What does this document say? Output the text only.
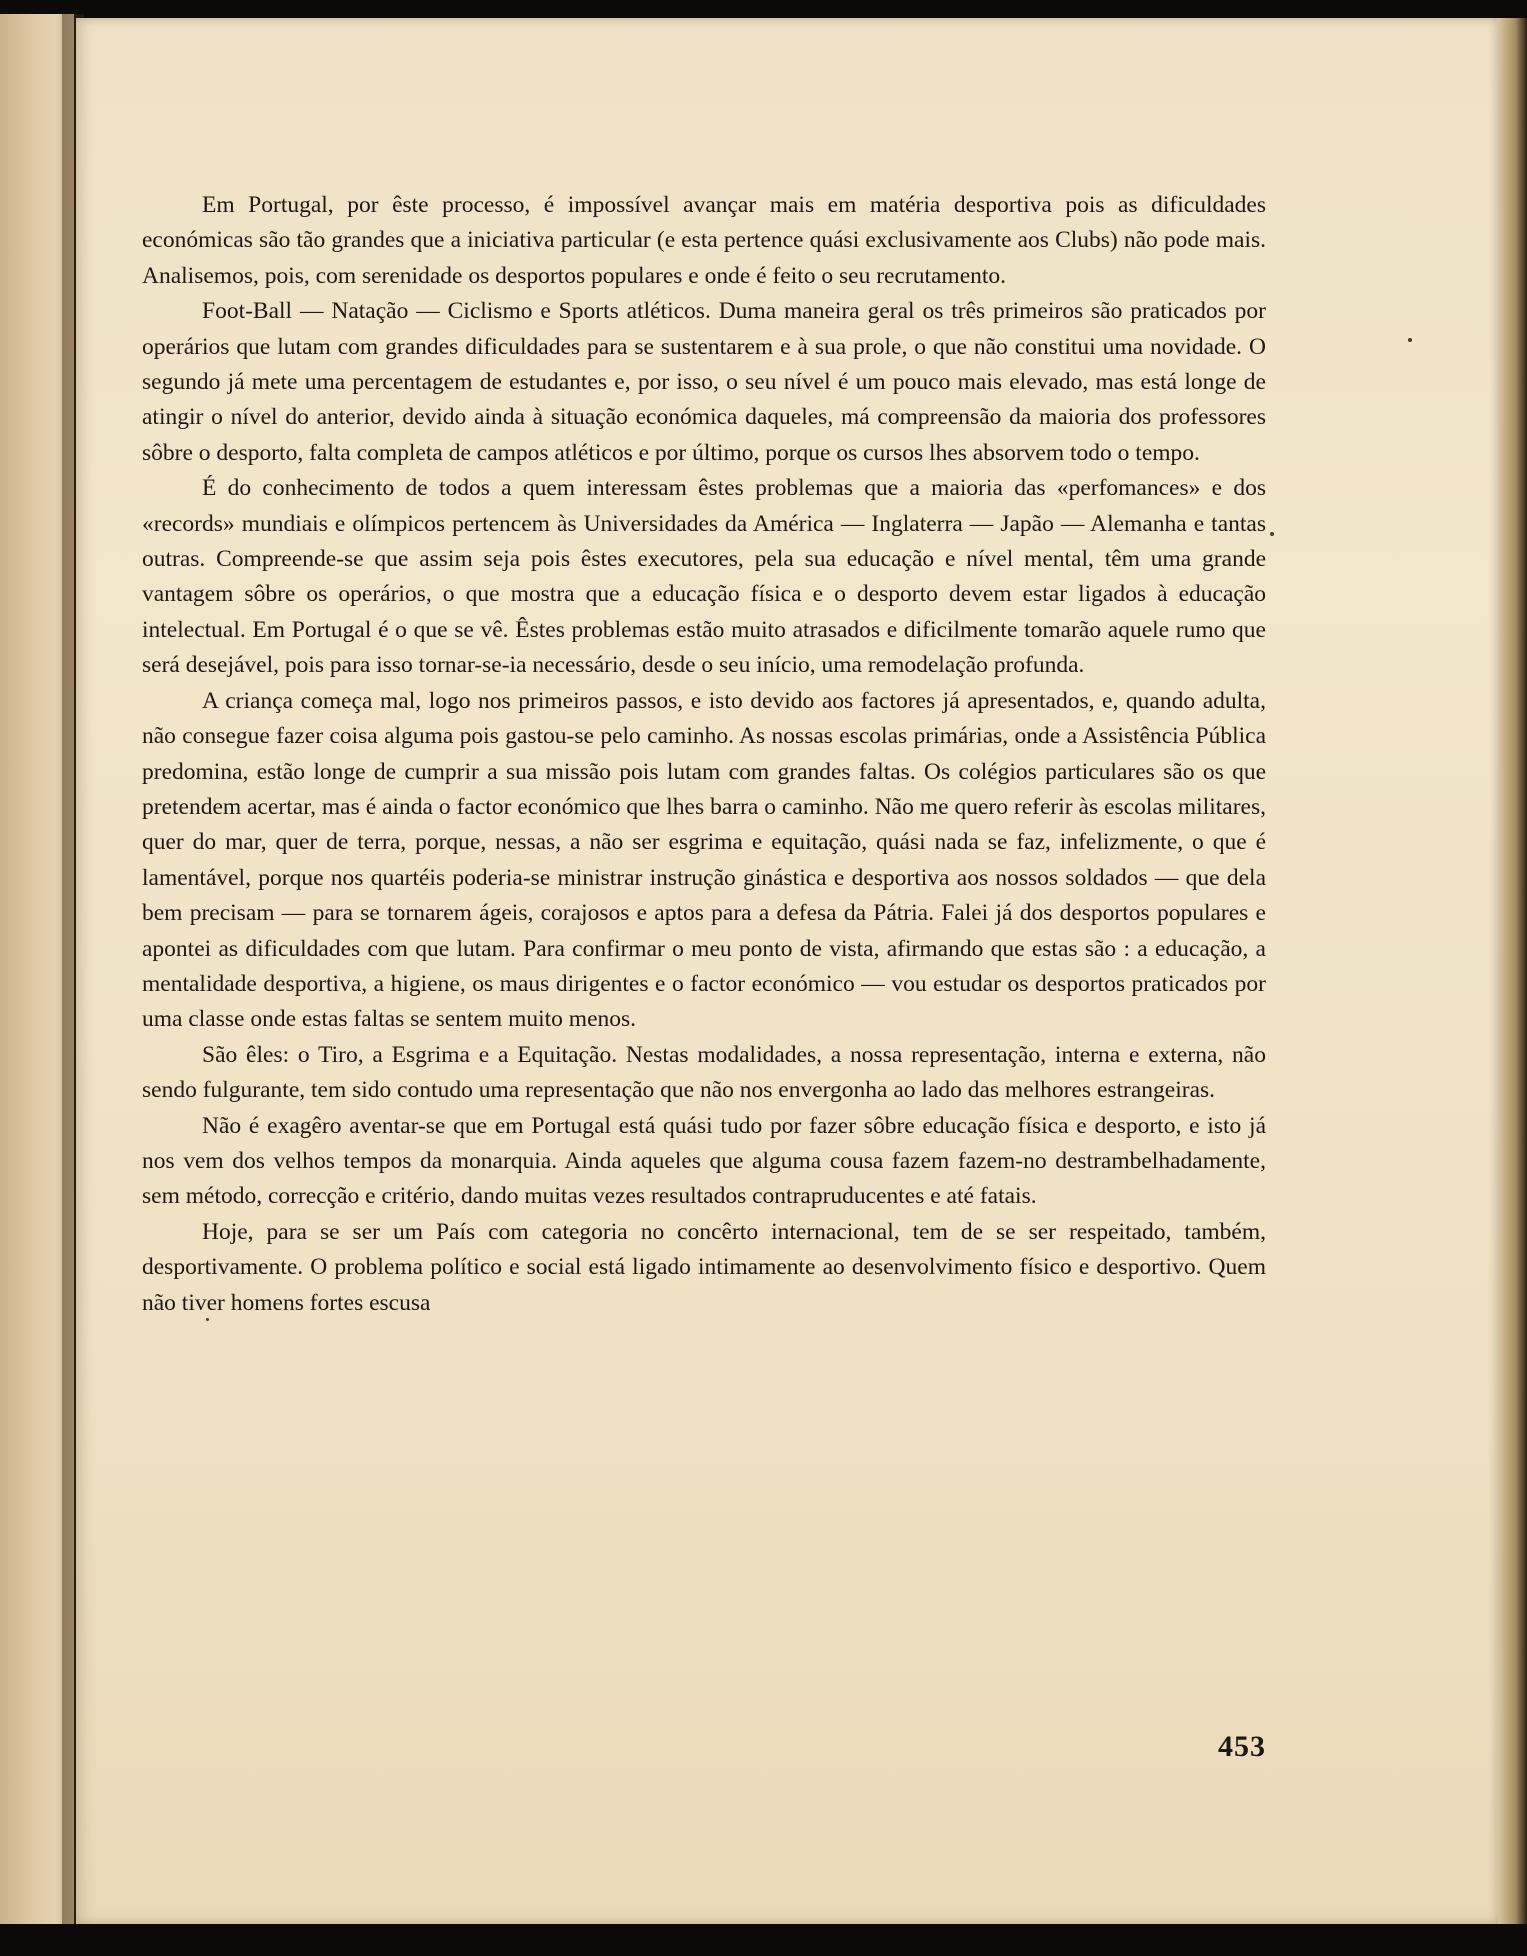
Em Portugal, por êste processo, é impossível avançar mais em matéria desportiva pois as dificuldades económicas são tão grandes que a iniciativa particular (e esta pertence quási exclusivamente aos Clubs) não pode mais. Analisemos, pois, com serenidade os desportos populares e onde é feito o seu recrutamento.

Foot-Ball — Natação — Ciclismo e Sports atléticos. Duma maneira geral os três primeiros são praticados por operários que lutam com grandes dificuldades para se sustentarem e à sua prole, o que não constitui uma novidade. O segundo já mete uma percentagem de estudantes e, por isso, o seu nível é um pouco mais elevado, mas está longe de atingir o nível do anterior, devido ainda à situação económica daqueles, má compreensão da maioria dos professores sôbre o desporto, falta completa de campos atléticos e por último, porque os cursos lhes absorvem todo o tempo.

É do conhecimento de todos a quem interessam êstes problemas que a maioria das «perfomances» e dos «records» mundiais e olímpicos pertencem às Universidades da América — Inglaterra — Japão — Alemanha e tantas outras. Compreende-se que assim seja pois êstes executores, pela sua educação e nível mental, têm uma grande vantagem sôbre os operários, o que mostra que a educação física e o desporto devem estar ligados à educação intelectual. Em Portugal é o que se vê. Êstes problemas estão muito atrasados e dificilmente tomarão aquele rumo que será desejável, pois para isso tornar-se-ia necessário, desde o seu início, uma remodelação profunda.

A criança começa mal, logo nos primeiros passos, e isto devido aos factores já apresentados, e, quando adulta, não consegue fazer coisa alguma pois gastou-se pelo caminho. As nossas escolas primárias, onde a Assistência Pública predomina, estão longe de cumprir a sua missão pois lutam com grandes faltas. Os colégios particulares são os que pretendem acertar, mas é ainda o factor económico que lhes barra o caminho. Não me quero referir às escolas militares, quer do mar, quer de terra, porque, nessas, a não ser esgrima e equitação, quási nada se faz, infelizmente, o que é lamentável, porque nos quartéis poderia-se ministrar instrução ginástica e desportiva aos nossos soldados — que dela bem precisam — para se tornarem ágeis, corajosos e aptos para a defesa da Pátria. Falei já dos desportos populares e apontei as dificuldades com que lutam. Para confirmar o meu ponto de vista, afirmando que estas são : a educação, a mentalidade desportiva, a higiene, os maus dirigentes e o factor económico — vou estudar os desportos praticados por uma classe onde estas faltas se sentem muito menos.

São êles: o Tiro, a Esgrima e a Equitação. Nestas modalidades, a nossa representação, interna e externa, não sendo fulgurante, tem sido contudo uma representação que não nos envergonha ao lado das melhores estrangeiras.

Não é exagêro aventar-se que em Portugal está quási tudo por fazer sôbre educação física e desporto, e isto já nos vem dos velhos tempos da monarquia. Ainda aqueles que alguma cousa fazem fazem-no destrambelhadamente, sem método, correcção e critério, dando muitas vezes resultados contrapruducentes e até fatais.

Hoje, para se ser um País com categoria no concêrto internacional, tem de se ser respeitado, também, desportivamente. O problema político e social está ligado intimamente ao desenvolvimento físico e desportivo. Quem não tiver homens fortes escusa

453
